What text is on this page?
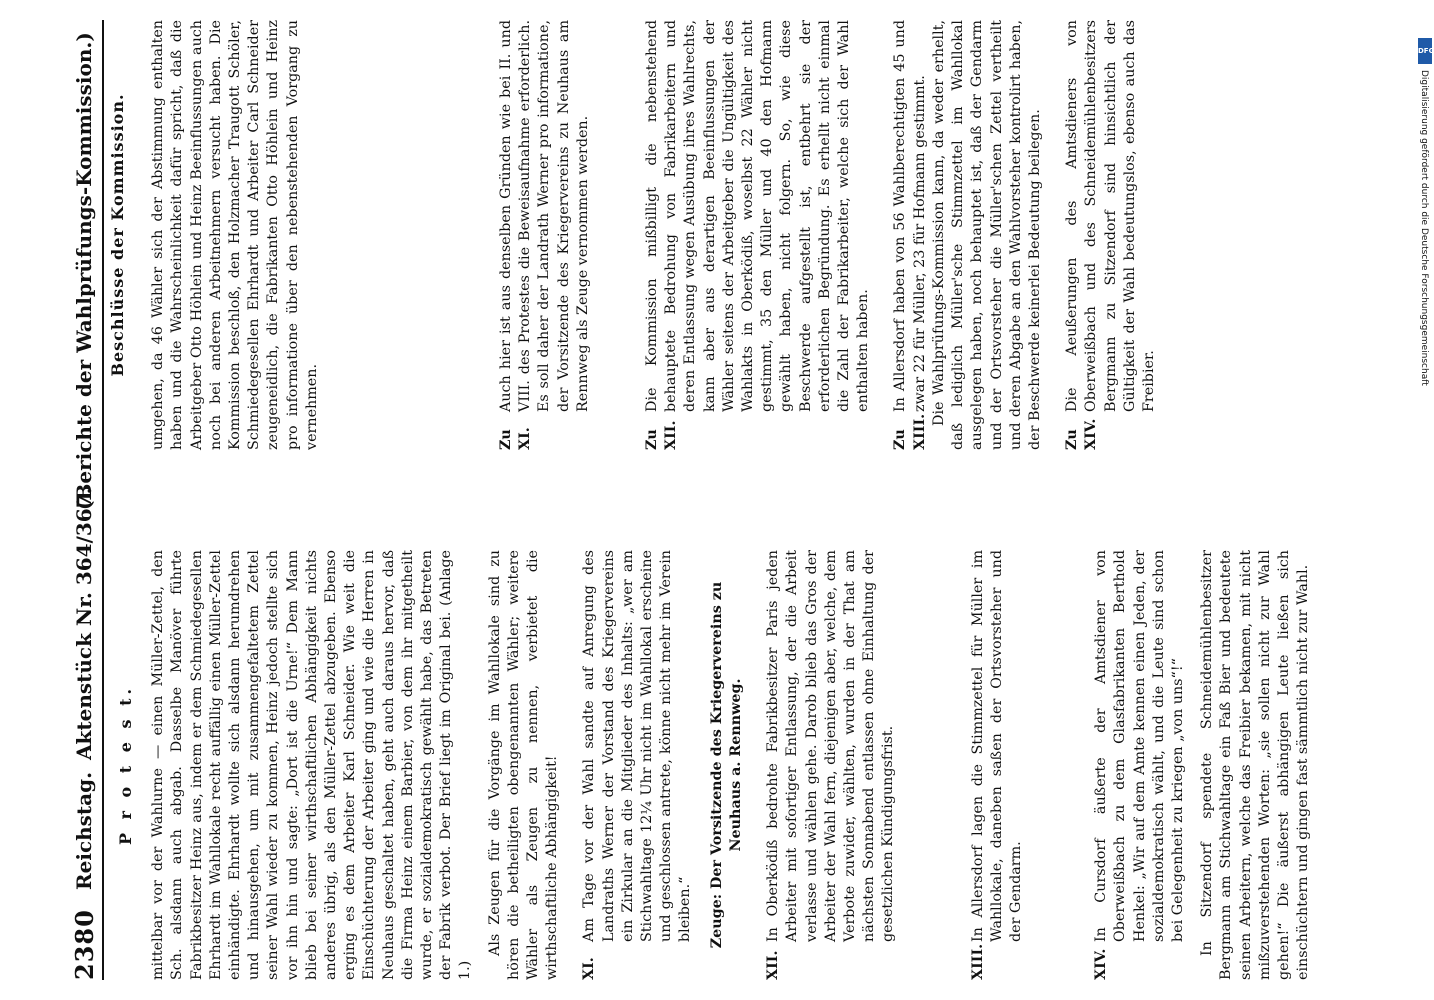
2380
Reichstag.
Aktenstück Nr. 364/367.
(Berichte der Wahlprüfungs-Kommission.)
P r o t e s t. mittelbar vor der Wahlurne — einen Müller-Zettel, den Sch. alsdann auch abgab. Dasselbe Manöver führte Fabrikbesitzer Heinz aus, indem er dem Schmiedegesellen Ehrhardt im Wahllokale recht auffällig einen Müller-Zettel einhändigte. Ehrhardt wollte sich alsdann herumdrehen und hinausgehen, um mit zusammengefaltetem Zettel seiner Wahl wieder zu kommen, Heinz jedoch stellte sich vor ihn hin und sagte: „Dort ist die Urne!“ Dem Mann blieb bei seiner wirthschaftlichen Abhängigkeit nichts anderes übrig, als den Müller-Zettel abzugeben. Ebenso erging es dem Arbeiter Karl Schneider. Wie weit die Einschüchterung der Arbeiter ging und wie die Herren in Neuhaus geschaltet haben, geht auch daraus hervor, daß die Firma Heinz einem Barbier, von dem ihr mitgetheilt wurde, er sozialdemokratisch gewählt habe, das Betreten der Fabrik verbot. Der Brief liegt im Original bei. (Anlage 1.)

Als Zeugen für die Vorgänge im Wahllokale sind zu hören die betheiligten obengenannten Wähler; weitere Wähler als Zeugen zu nennen, verbietet die wirthschaftliche Abhängigkeit! XI.
Am Tage vor der Wahl sandte auf Anregung des Landraths Werner der Vorstand des Kriegervereins ein Zirkular an die Mitglieder des Inhalts: „wer am Stichwahltage 12¼ Uhr nicht im Wahllokal erscheine und geschlossen antrete, könne nicht mehr im Verein bleiben.“ Zeuge: Der Vorsitzende des Kriegervereins zu Neuhaus a. Rennweg.
XII.
In Oberködiß bedrohte Fabrikbesitzer Paris jeden Arbeiter mit sofortiger Entlassung, der die Arbeit verlasse und wählen gehe. Darob blieb das Gros der Arbeiter der Wahl fern, diejenigen aber, welche, dem Verbote zuwider, wählten, wurden in der That am nächsten Sonnabend entlassen ohne Einhaltung der gesetzlichen Kündigungsfrist.
XIII.
In Allersdorf lagen die Stimmzettel für Müller im Wahllokale, daneben saßen der Ortsvorsteher und der Gendarm.
XIV.
In Cursdorf äußerte der Amtsdiener von Oberweißbach zu dem Glasfabrikanten Berthold Henkel: „Wir auf dem Amte kennen einen Jeden, der sozialdemokratisch wählt, und die Leute sind schon bei Gelegenheit zu kriegen „von uns“!“ In Sitzendorf spendete Schneidemühlenbesitzer Bergmann am Stichwahltage ein Faß Bier und bedeutete seinen Arbeitern, welche das Freibier bekamen, mit nicht mißzuverstehenden Worten: „sie sollen nicht zur Wahl gehen!“ Die äußerst abhängigen Leute ließen sich einschüchtern und gingen fast sämmtlich nicht zur Wahl.

umgehen, da 46 Wähler sich der Abstimmung enthalten haben und die Wahrscheinlichkeit dafür spricht, daß die Arbeitgeber Otto Höhlein und Heinz Beeinflussungen auch noch bei anderen Arbeitnehmern versucht haben. Die Kommission beschloß, den Holzmacher Traugott Schöler, Schmiedegesellen Ehrhardt und Arbeiter Carl Schneider zeugeneidlich, die Fabrikanten Otto Höhlein und Heinz pro informatione über den nebenstehenden Vorgang zu vernehmen.

Beschlüsse der Kommission.
Zu XI.
Auch hier ist aus denselben Gründen wie bei II. und VIII. des Protestes die Beweisaufnahme erforderlich. Es soll daher der Landrath Werner pro informatione, der Vorsitzende des Kriegervereins zu Neuhaus am Rennweg als Zeuge vernommen werden.
Zu XII.
Die Kommission mißbilligt die nebenstehend behauptete Bedrohung von Fabrikarbeitern und deren Entlassung wegen Ausübung ihres Wahlrechts, kann aber aus derartigen Beeinflussungen der Wähler seitens der Arbeitgeber die Ungültigkeit des Wahlakts in Oberködiß, woselbst 22 Wähler nicht gestimmt, 35 den Müller und 40 den Hofmann gewählt haben, nicht folgern. So, wie diese Beschwerde aufgestellt ist, entbehrt sie der erforderlichen Begründung. Es erhellt nicht einmal die Zahl der Fabrikarbeiter, welche sich der Wahl enthalten haben.
Zu XIII.
In Allersdorf haben von 56 Wahlberechtigten 45 und zwar 22 für Müller, 23 für Hofmann gestimmt. Die Wahlprüfungs-Kommission kann, da weder erhellt, daß lediglich Müller'sche Stimmzettel im Wahllokal ausgelegen haben, noch behauptet ist, daß der Gendarm und der Ortsvorsteher die Müller'schen Zettel vertheilt und deren Abgabe an den Wahlvorsteher kontrolirt haben, der Beschwerde keinerlei Bedeutung beilegen. Zu XIV.
Die Aeußerungen des Amtsdieners von Oberweißbach und des Schneidemühlenbesitzers Bergmann zu Sitzendorf sind hinsichtlich der Gültigkeit der Wahl bedeutungslos, ebenso auch das Freibier.
DFG
Digitalisierung gefördert durch die Deutsche Forschungsgemeinschaft
